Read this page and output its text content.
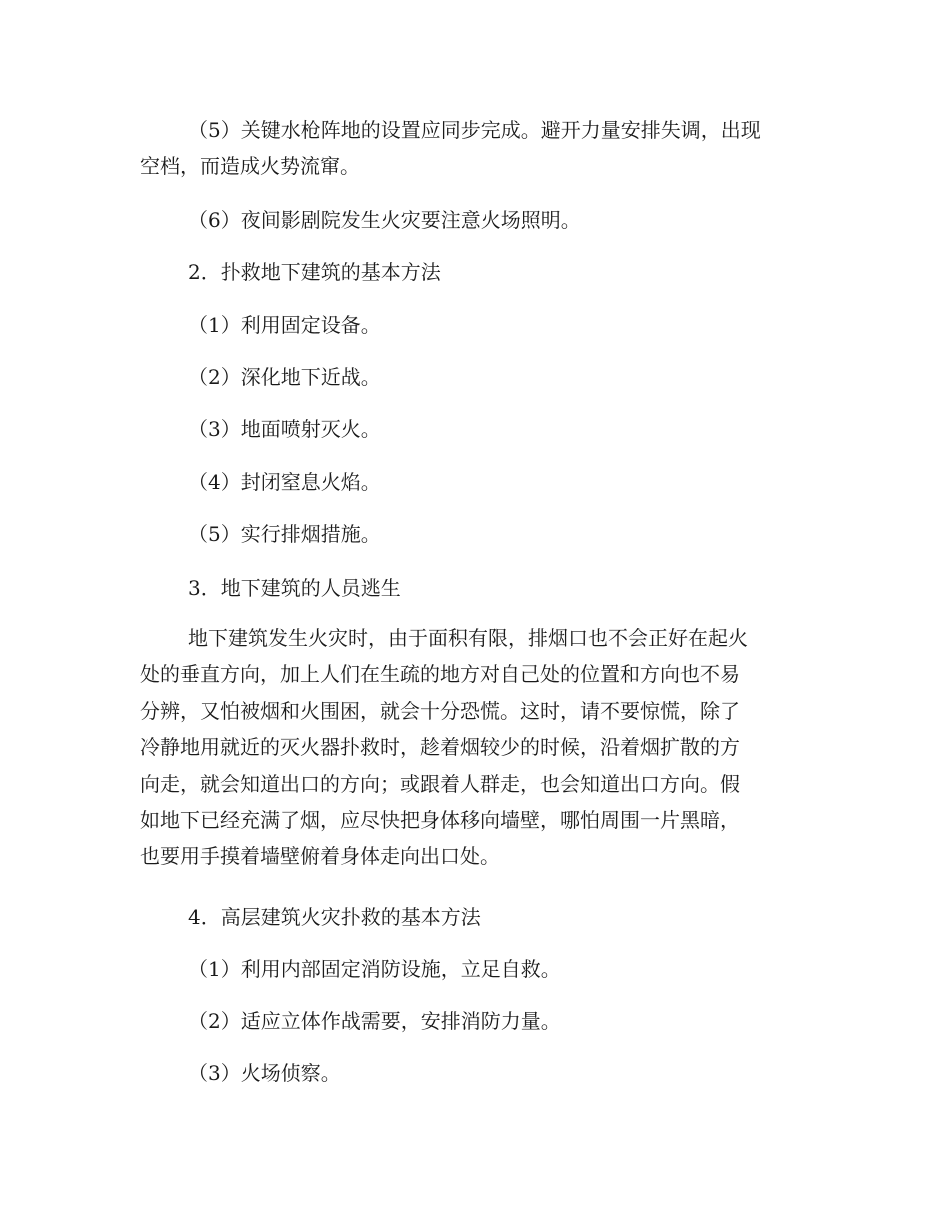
（5）关键水枪阵地的设置应同步完成。避开力量安排失调，出现

空档，而造成火势流窜。

（6）夜间影剧院发生火灾要注意火场照明。

2．扑救地下建筑的基本方法

（1）利用固定设备。

（2）深化地下近战。

（3）地面喷射灭火。

（4）封闭窒息火焰。

（5）实行排烟措施。

3．地下建筑的人员逃生

地下建筑发生火灾时，由于面积有限，排烟口也不会正好在起火
处的垂直方向，加上人们在生疏的地方对自己处的位置和方向也不易
分辨，又怕被烟和火围困，就会十分恐慌。这时，请不要惊慌，除了
冷静地用就近的灭火器扑救时，趁着烟较少的时候，沿着烟扩散的方
向走，就会知道出口的方向；或跟着人群走，也会知道出口方向。假
如地下已经充满了烟，应尽快把身体移向墙壁，哪怕周围一片黑暗，
也要用手摸着墙壁俯着身体走向出口处。

4．高层建筑火灾扑救的基本方法

（1）利用内部固定消防设施，立足自救。

（2）适应立体作战需要，安排消防力量。

（3）火场侦察。
